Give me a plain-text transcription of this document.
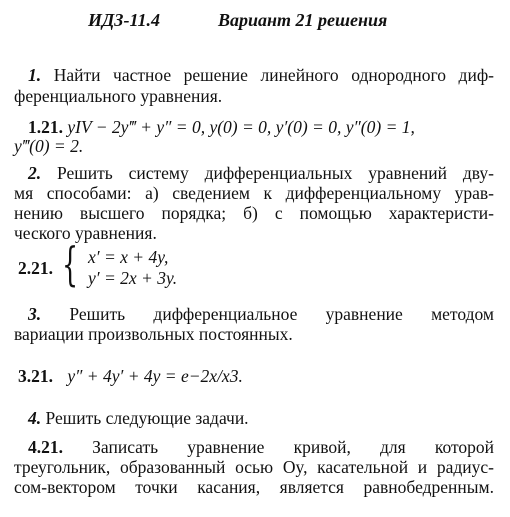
ИДЗ-11.4	Вариант 21 решения
1. Найти частное решение линейного однородного диф-
ференциального уравнения.
1.21. yIV − 2y‴ + y″ = 0, y(0) = 0, y′(0) = 0, y″(0) = 1,
y‴(0) = 2.
2. Решить систему дифференциальных уравнений дву-
мя способами: а) сведением к дифференциальному урав-
нению высшего порядка; б) с помощью характеристи-
ческого уравнения.
2.21. { x′ = x + 4y,
y′ = 2x + 3y.
3. Решить дифференциальное уравнение методом
вариации произвольных постоянных.
3.21. y″ + 4y′ + 4y = e−2x/x3.
4. Решить следующие задачи.
4.21. Записать уравнение кривой, для которой
треугольник, образованный осью Oy, касательной и радиус-
сом-вектором точки касания, является равнобедренным.
